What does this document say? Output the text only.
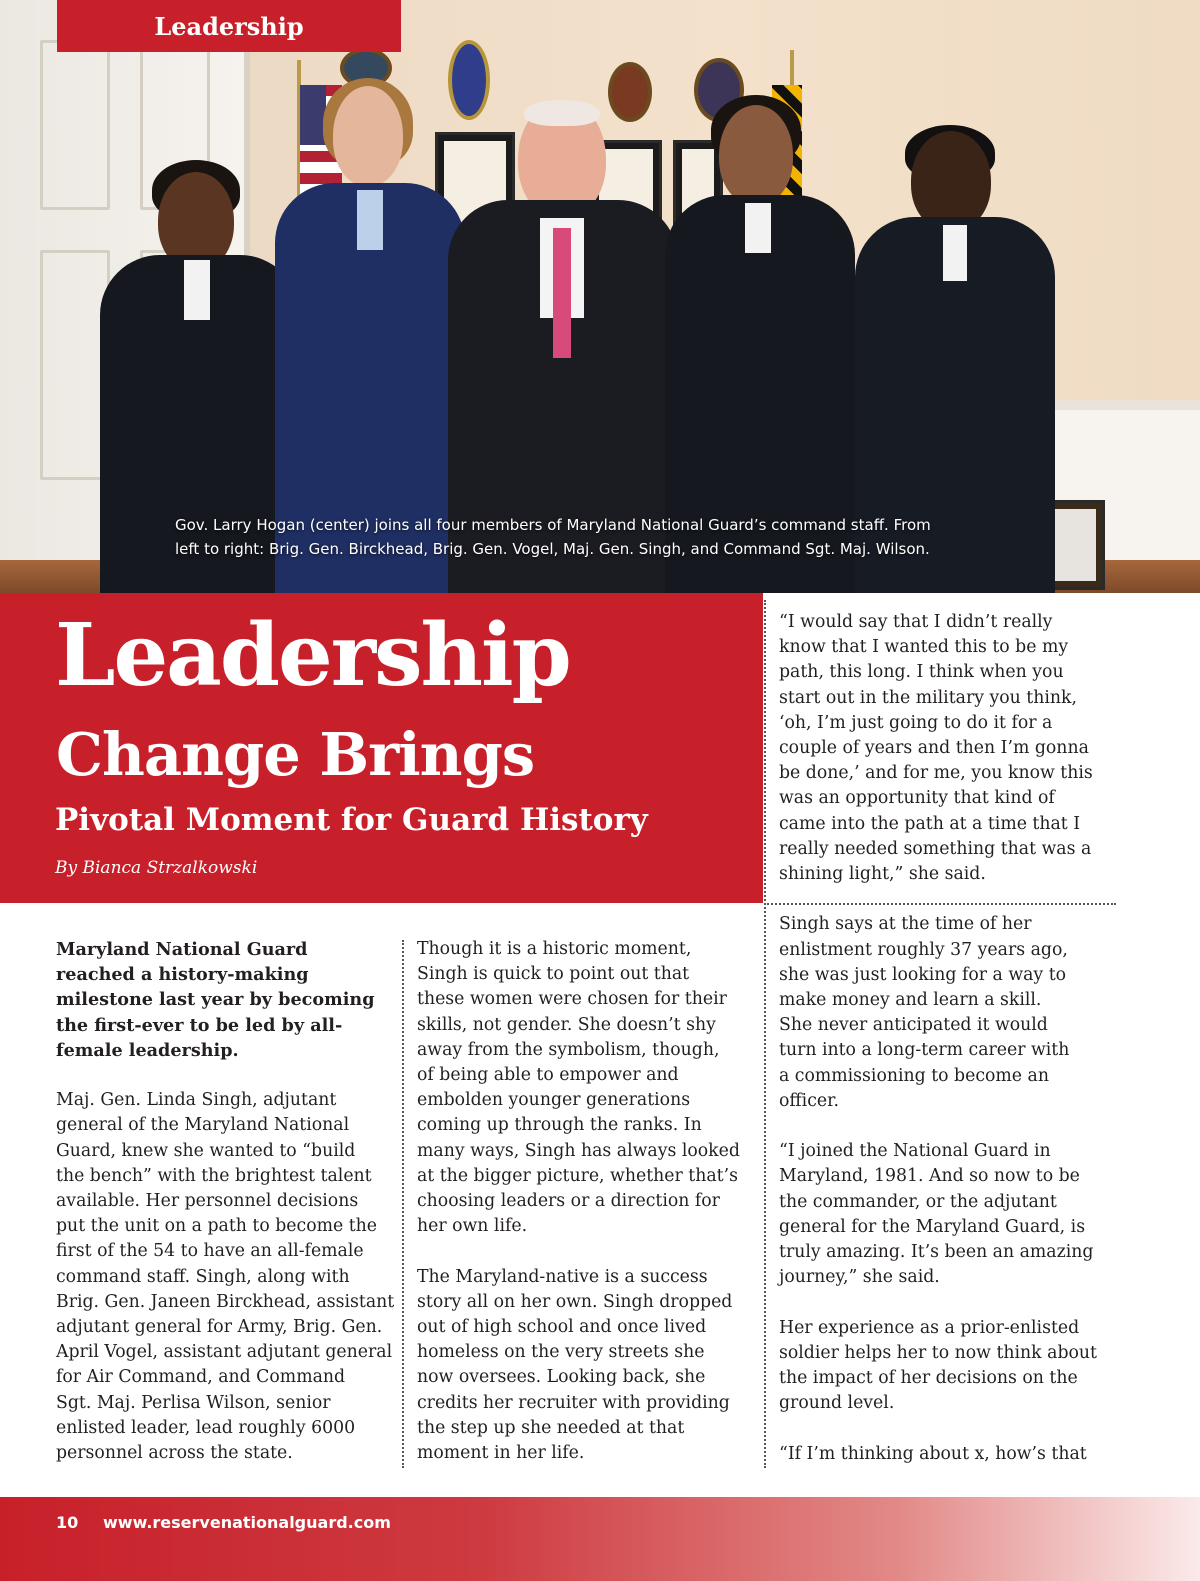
Gov. Larry Hogan (center) joins all four members of Maryland National Guard’s command staff. From
left to right: Brig. Gen. Birckhead, Brig. Gen. Vogel, Maj. Gen. Singh, and Command Sgt. Maj. Wilson.
Leadership
Leadership
Change Brings
Pivotal Moment for Guard History
By Bianca Strzalkowski

Maryland National Guard
reached a history-making
milestone last year by becoming
the first-ever to be led by all-
female leadership.

Maj. Gen. Linda Singh, adjutant
general of the Maryland National
Guard, knew she wanted to “build
the bench” with the brightest talent
available. Her personnel decisions
put the unit on a path to become the
first of the 54 to have an all-female
command staff. Singh, along with
Brig. Gen. Janeen Birckhead, assistant
adjutant general for Army, Brig. Gen.
April Vogel, assistant adjutant general
for Air Command, and Command
Sgt. Maj. Perlisa Wilson, senior
enlisted leader, lead roughly 6000
personnel across the state.

Though it is a historic moment,
Singh is quick to point out that
these women were chosen for their
skills, not gender. She doesn’t shy
away from the symbolism, though,
of being able to empower and
embolden younger generations
coming up through the ranks. In
many ways, Singh has always looked
at the bigger picture, whether that’s
choosing leaders or a direction for
her own life.

The Maryland-native is a success
story all on her own. Singh dropped
out of high school and once lived
homeless on the very streets she
now oversees. Looking back, she
credits her recruiter with providing
the step up she needed at that
moment in her life.

“I would say that I didn’t really
know that I wanted this to be my
path, this long. I think when you
start out in the military you think,
‘oh, I’m just going to do it for a
couple of years and then I’m gonna
be done,’ and for me, you know this
was an opportunity that kind of
came into the path at a time that I
really needed something that was a
shining light,” she said.

Singh says at the time of her
enlistment roughly 37 years ago,
she was just looking for a way to
make money and learn a skill.
She never anticipated it would
turn into a long-term career with
a commissioning to become an
officer.

“I joined the National Guard in
Maryland, 1981. And so now to be
the commander, or the adjutant
general for the Maryland Guard, is
truly amazing. It’s been an amazing
journey,” she said.

Her experience as a prior-enlisted
soldier helps her to now think about
the impact of her decisions on the
ground level.

“If I’m thinking about x, how’s that

10 www.reservenationalguard.com
